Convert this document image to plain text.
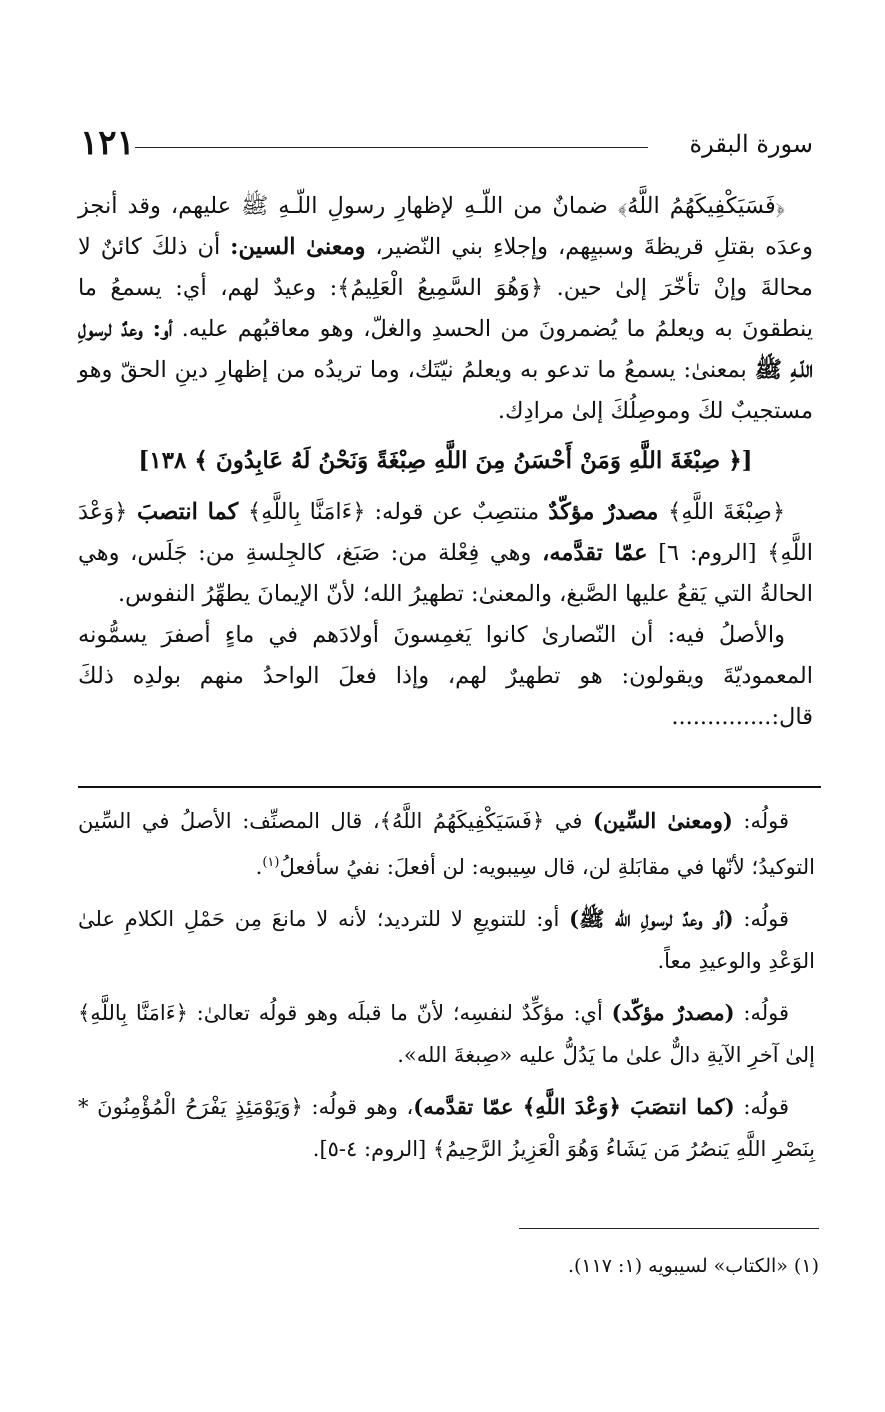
١٢١	سورة البقرة

﴿فَسَيَكْفِيكَهُمُ اللَّهُ﴾ ضمانٌ من اللّـهِ لإظهارِ رسولِ اللّـهِ ﷺ عليهم، وقد أنجز وعدَه بقتلِ قريظةَ وسبيِهم، وإجلاءِ بني النّضير، ومعنىٰ السين: أن ذلكَ كائنٌ لا محالةَ وإنْ تأخّرَ إلىٰ حين. ﴿وَهُوَ السَّمِيعُ الْعَلِيمُ﴾: وعيدٌ لهم، أي: يسمعُ ما ينطقونَ به ويعلمُ ما يُضمرونَ من الحسدِ والغلّ، وهو معاقبُهم عليه. أو: وعدٌ لرسولِ اللّـهِ ﷺ بمعنىٰ: يسمعُ ما تدعو به ويعلمُ نيّتَك، وما تريدُه من إظهارِ دينِ الحقّ وهو مستجيبٌ لكَ وموصِلُكَ إلىٰ مرادِك.

[﴿ صِبْغَةَ اللَّهِ وَمَنْ أَحْسَنُ مِنَ اللَّهِ صِبْغَةً وَنَحْنُ لَهُ عَابِدُونَ ﴾ ١٣٨]

﴿صِبْغَةَ اللَّهِ﴾ مصدرٌ مؤكّدٌ منتصِبٌ عن قوله: ﴿ءَامَنَّا بِاللَّهِ﴾ كما انتصبَ ﴿وَعْدَ اللَّهِ﴾ [الروم: ٦] عمّا تقدَّمه، وهي فِعْلة من: صَبَغ، كالجِلسةِ من: جَلَس، وهي الحالةُ التي يَقعُ عليها الصَّبغ، والمعنىٰ: تطهيرُ الله؛ لأنّ الإيمانَ يطهِّرُ النفوس.

والأصلُ فيه: أن النّصارىٰ كانوا يَغمِسونَ أولادَهم في ماءٍ أصفرَ يسمُّونه المعموديّةَ ويقولون: هو تطهيرٌ لهم، وإذا فعلَ الواحدُ منهم بولدِه ذلكَ قال:..............

قولُه: (ومعنىٰ السِّين) في ﴿فَسَيَكْفِيكَهُمُ اللَّهُ﴾، قال المصنِّف: الأصلُ في السِّين التوكيدُ؛ لأنّها في مقابَلةِ لن، قال سِيبويه: لن أفعلَ: نفيُ سأفعلُ$^{(١)}$.

قولُه: (أو وعدٌ لرسولِ الله ﷺ) أو: للتنويعِ لا للترديد؛ لأنه لا مانعَ مِن حَمْلِ الكلامِ علىٰ الوَعْدِ والوعيدِ معاً.

قولُه: (مصدرٌ مؤكّد) أي: مؤكِّدٌ لنفسِه؛ لأنّ ما قبلَه وهو قولُه تعالىٰ: ﴿ءَامَنَّا بِاللَّهِ﴾ إلىٰ آخرِ الآيةِ دالٌّ علىٰ ما يَدُلُّ عليه «صِبغةَ الله».

قولُه: (كما انتصَبَ ﴿وَعْدَ اللَّهِ﴾ عمّا تقدَّمه)، وهو قولُه: ﴿وَيَوْمَئِذٍ يَفْرَحُ الْمُؤْمِنُونَ * بِنَصْرِ اللَّهِ يَنصُرُ مَن يَشَاءُ وَهُوَ الْعَزِيزُ الرَّحِيمُ﴾ [الروم: ٤-٥].

(١) «الكتاب» لسيبويه (١: ١١٧).
